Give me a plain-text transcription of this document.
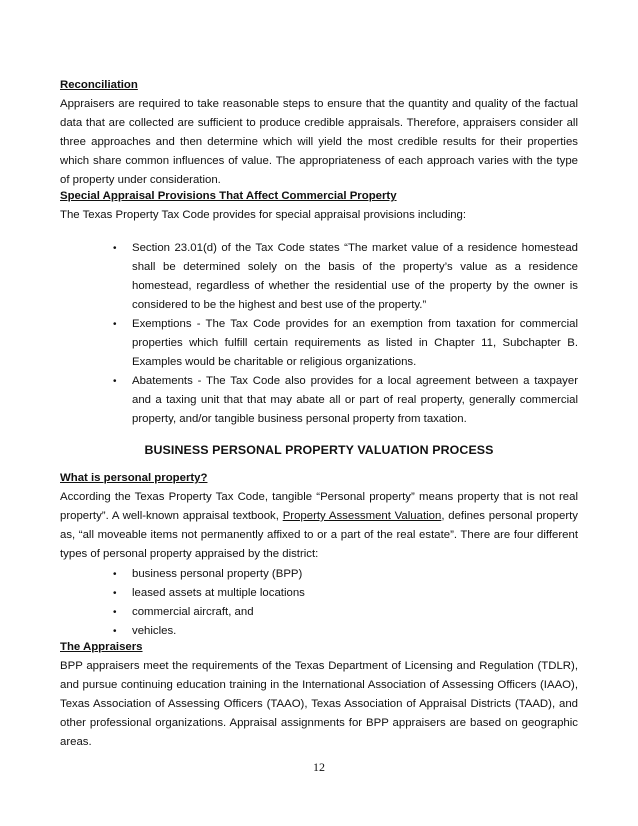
Reconciliation

Appraisers are required to take reasonable steps to ensure that the quantity and quality of the factual data that are collected are sufficient to produce credible appraisals. Therefore, appraisers consider all three approaches and then determine which will yield the most credible results for their properties which share common influences of value. The appropriateness of each approach varies with the type of property under consideration.

Special Appraisal Provisions That Affect Commercial Property

The Texas Property Tax Code provides for special appraisal provisions including:

• Section 23.01(d) of the Tax Code states “The market value of a residence homestead shall be determined solely on the basis of the property’s value as a residence homestead, regardless of whether the residential use of the property by the owner is considered to be the highest and best use of the property.”
• Exemptions - The Tax Code provides for an exemption from taxation for commercial properties which fulfill certain requirements as listed in Chapter 11, Subchapter B. Examples would be charitable or religious organizations.
• Abatements - The Tax Code also provides for a local agreement between a taxpayer and a taxing unit that that may abate all or part of real property, generally commercial property, and/or tangible business personal property from taxation.
BUSINESS PERSONAL PROPERTY VALUATION PROCESS

What is personal property?

According the Texas Property Tax Code, tangible “Personal property” means property that is not real property”. A well-known appraisal textbook, Property Assessment Valuation, defines personal property as, “all moveable items not permanently affixed to or a part of the real estate”. There are four different types of personal property appraised by the district:

• business personal property (BPP)
• leased assets at multiple locations
• commercial aircraft, and
• vehicles.

The Appraisers

BPP appraisers meet the requirements of the Texas Department of Licensing and Regulation (TDLR), and pursue continuing education training in the International Association of Assessing Officers (IAAO), Texas Association of Assessing Officers (TAAO), Texas Association of Appraisal Districts (TAAD), and other professional organizations. Appraisal assignments for BPP appraisers are based on geographic areas.

12
